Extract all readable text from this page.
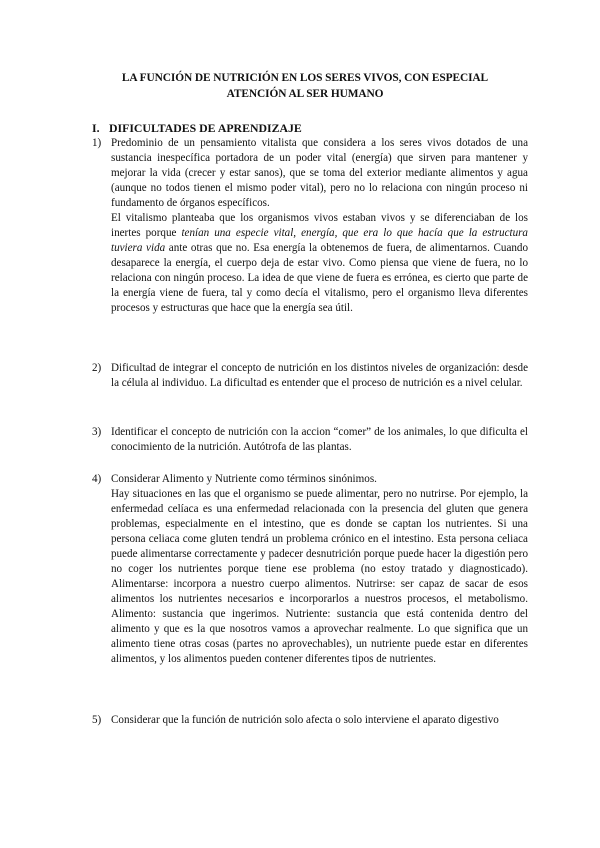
LA FUNCIÓN DE NUTRICIÓN EN LOS SERES VIVOS, CON ESPECIAL
ATENCIÓN AL SER HUMANO
I. DIFICULTADES DE APRENDIZAJE
1) Predominio de un pensamiento vitalista que considera a los seres vivos dotados de una sustancia inespecífica portadora de un poder vital (energía) que sirven para mantener y mejorar la vida (crecer y estar sanos), que se toma del exterior mediante alimentos y agua (aunque no todos tienen el mismo poder vital), pero no lo relaciona con ningún proceso ni fundamento de órganos específicos.

El vitalismo planteaba que los organismos vivos estaban vivos y se diferenciaban de los inertes porque tenían una especie vital, energía, que era lo que hacía que la estructura tuviera vida ante otras que no. Esa energía la obtenemos de fuera, de alimentarnos. Cuando desaparece la energía, el cuerpo deja de estar vivo. Como piensa que viene de fuera, no lo relaciona con ningún proceso. La idea de que viene de fuera es errónea, es cierto que parte de la energía viene de fuera, tal y como decía el vitalismo, pero el organismo lleva diferentes procesos y estructuras que hace que la energía sea útil.

2) Dificultad de integrar el concepto de nutrición en los distintos niveles de organización: desde la célula al individuo. La dificultad es entender que el proceso de nutrición es a nivel celular.

3) Identificar el concepto de nutrición con la accion “comer” de los animales, lo que dificulta el conocimiento de la nutrición. Autótrofa de las plantas.

4) Considerar Alimento y Nutriente como términos sinónimos.

Hay situaciones en las que el organismo se puede alimentar, pero no nutrirse. Por ejemplo, la enfermedad celíaca es una enfermedad relacionada con la presencia del gluten que genera problemas, especialmente en el intestino, que es donde se captan los nutrientes. Si una persona celiaca come gluten tendrá un problema crónico en el intestino. Esta persona celiaca puede alimentarse correctamente y padecer desnutrición porque puede hacer la digestión pero no coger los nutrientes porque tiene ese problema (no estoy tratado y diagnosticado). Alimentarse: incorpora a nuestro cuerpo alimentos. Nutrirse: ser capaz de sacar de esos alimentos los nutrientes necesarios e incorporarlos a nuestros procesos, el metabolismo. Alimento: sustancia que ingerimos. Nutriente: sustancia que está contenida dentro del alimento y que es la que nosotros vamos a aprovechar realmente. Lo que significa que un alimento tiene otras cosas (partes no aprovechables), un nutriente puede estar en diferentes alimentos, y los alimentos pueden contener diferentes tipos de nutrientes.

5) Considerar que la función de nutrición solo afecta o solo interviene el aparato digestivo
